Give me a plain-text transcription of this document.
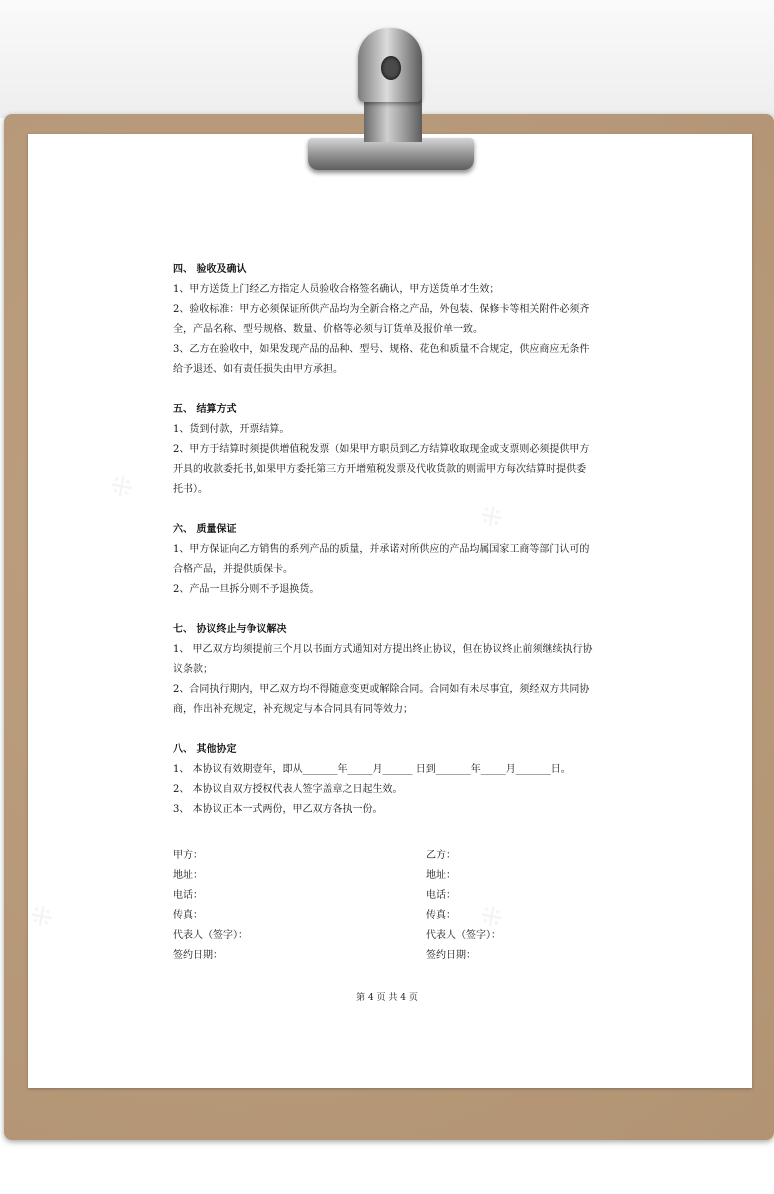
※
※
※	※
四、 验收及确认
1、甲方送货上门经乙方指定人员验收合格签名确认，甲方送货单才生效；
2、验收标准：甲方必须保证所供产品均为全新合格之产品，外包装、保修卡等相关附件必须齐
全，产品名称、型号规格、数量、价格等必须与订货单及报价单一致。
3、乙方在验收中，如果发现产品的品种、型号、规格、花色和质量不合规定，供应商应无条件
给予退还、如有责任损失由甲方承担。
五、 结算方式
1、货到付款，开票结算。
2、甲方于结算时须提供增值税发票（如果甲方职员到乙方结算收取现金或支票则必须提供甲方
开具的收款委托书,如果甲方委托第三方开增殖税发票及代收货款的则需甲方每次结算时提供委
托书）。
六、 质量保证
1、甲方保证向乙方销售的系列产品的质量，并承诺对所供应的产品均属国家工商等部门认可的
合格产品，并提供质保卡。
2、产品一旦拆分则不予退换货。
七、 协议终止与争议解决
1、 甲乙双方均须提前三个月以书面方式通知对方提出终止协议，但在协议终止前须继续执行协
议条款；
2、合同执行期内，甲乙双方均不得随意变更或解除合同。合同如有未尽事宜，须经双方共同协
商，作出补充规定，补充规定与本合同具有同等效力；
八、 其他协定
1、 本协议有效期壹年，即从_______年_____月______ 日到_______年_____月_______日。
2、 本协议自双方授权代表人签字盖章之日起生效。
3、 本协议正本一式两份，甲乙双方各执一份。
甲方：	乙方：
地址：	地址：
电话：	电话：
传真：	传真：
代表人（签字）：	代表人（签字）：
签约日期：	签约日期：
第 4 页 共 4 页
